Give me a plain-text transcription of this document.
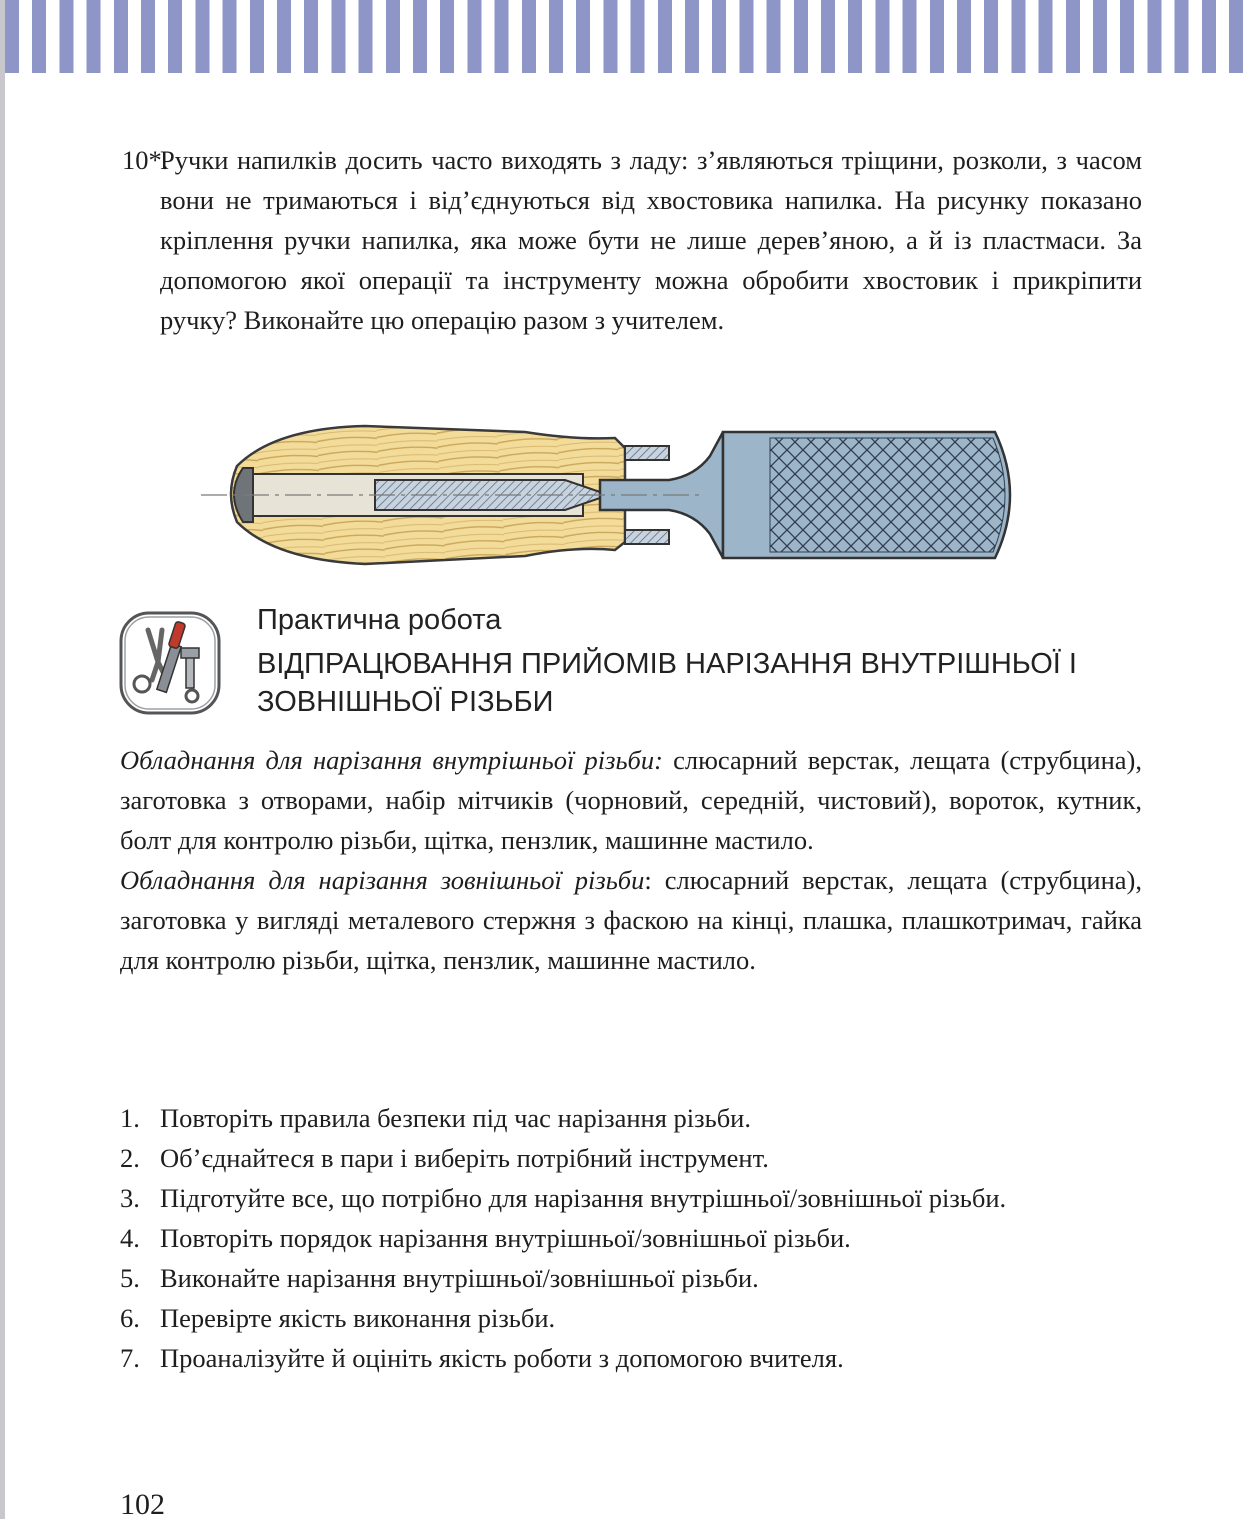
10*.

Ручки напилків досить часто виходять з ладу: з’являються тріщини, розколи, з часом вони не тримаються і від’єднуються від хвостовика напилка. На рисунку показано кріплення ручки напилка, яка може бути не лише дерев’яною, а й із пластмаси. За допомогою якої операції та інструменту можна обробити хвостовик і прикріпити ручку? Виконайте цю операцію разом з учителем.

Практична робота
ВІДПРАЦЮВАННЯ ПРИЙОМІВ НАРІЗАННЯ ВНУТРІШНЬОЇ І ЗОВНІШНЬОЇ РІЗЬБИ

Обладнання для нарізання внутрішньої різьби: слюсарний верстак, лещата (струбцина), заготовка з отворами, набір мітчиків (чорновий, середній, чистовий), вороток, кутник, болт для контролю різьби, щітка, пензлик, машинне мастило.

Обладнання для нарізання зовнішньої різьби: слюсарний верстак, лещата (струбцина), заготовка у вигляді металевого стержня з фаскою на кінці, плашка, плашкотримач, гайка для контролю різьби, щітка, пензлик, машинне мастило.

1. Повторіть правила безпеки під час нарізання різьби.
2. Об’єднайтеся в пари і виберіть потрібний інструмент.
3. Підготуйте все, що потрібно для нарізання внутрішньої/зовнішньої різьби.
4. Повторіть порядок нарізання внутрішньої/зовнішньої різьби.
5. Виконайте нарізання внутрішньої/зовнішньої різьби.
6. Перевірте якість виконання різьби.
7. Проаналізуйте й оцініть якість роботи з допомогою вчителя.
102
